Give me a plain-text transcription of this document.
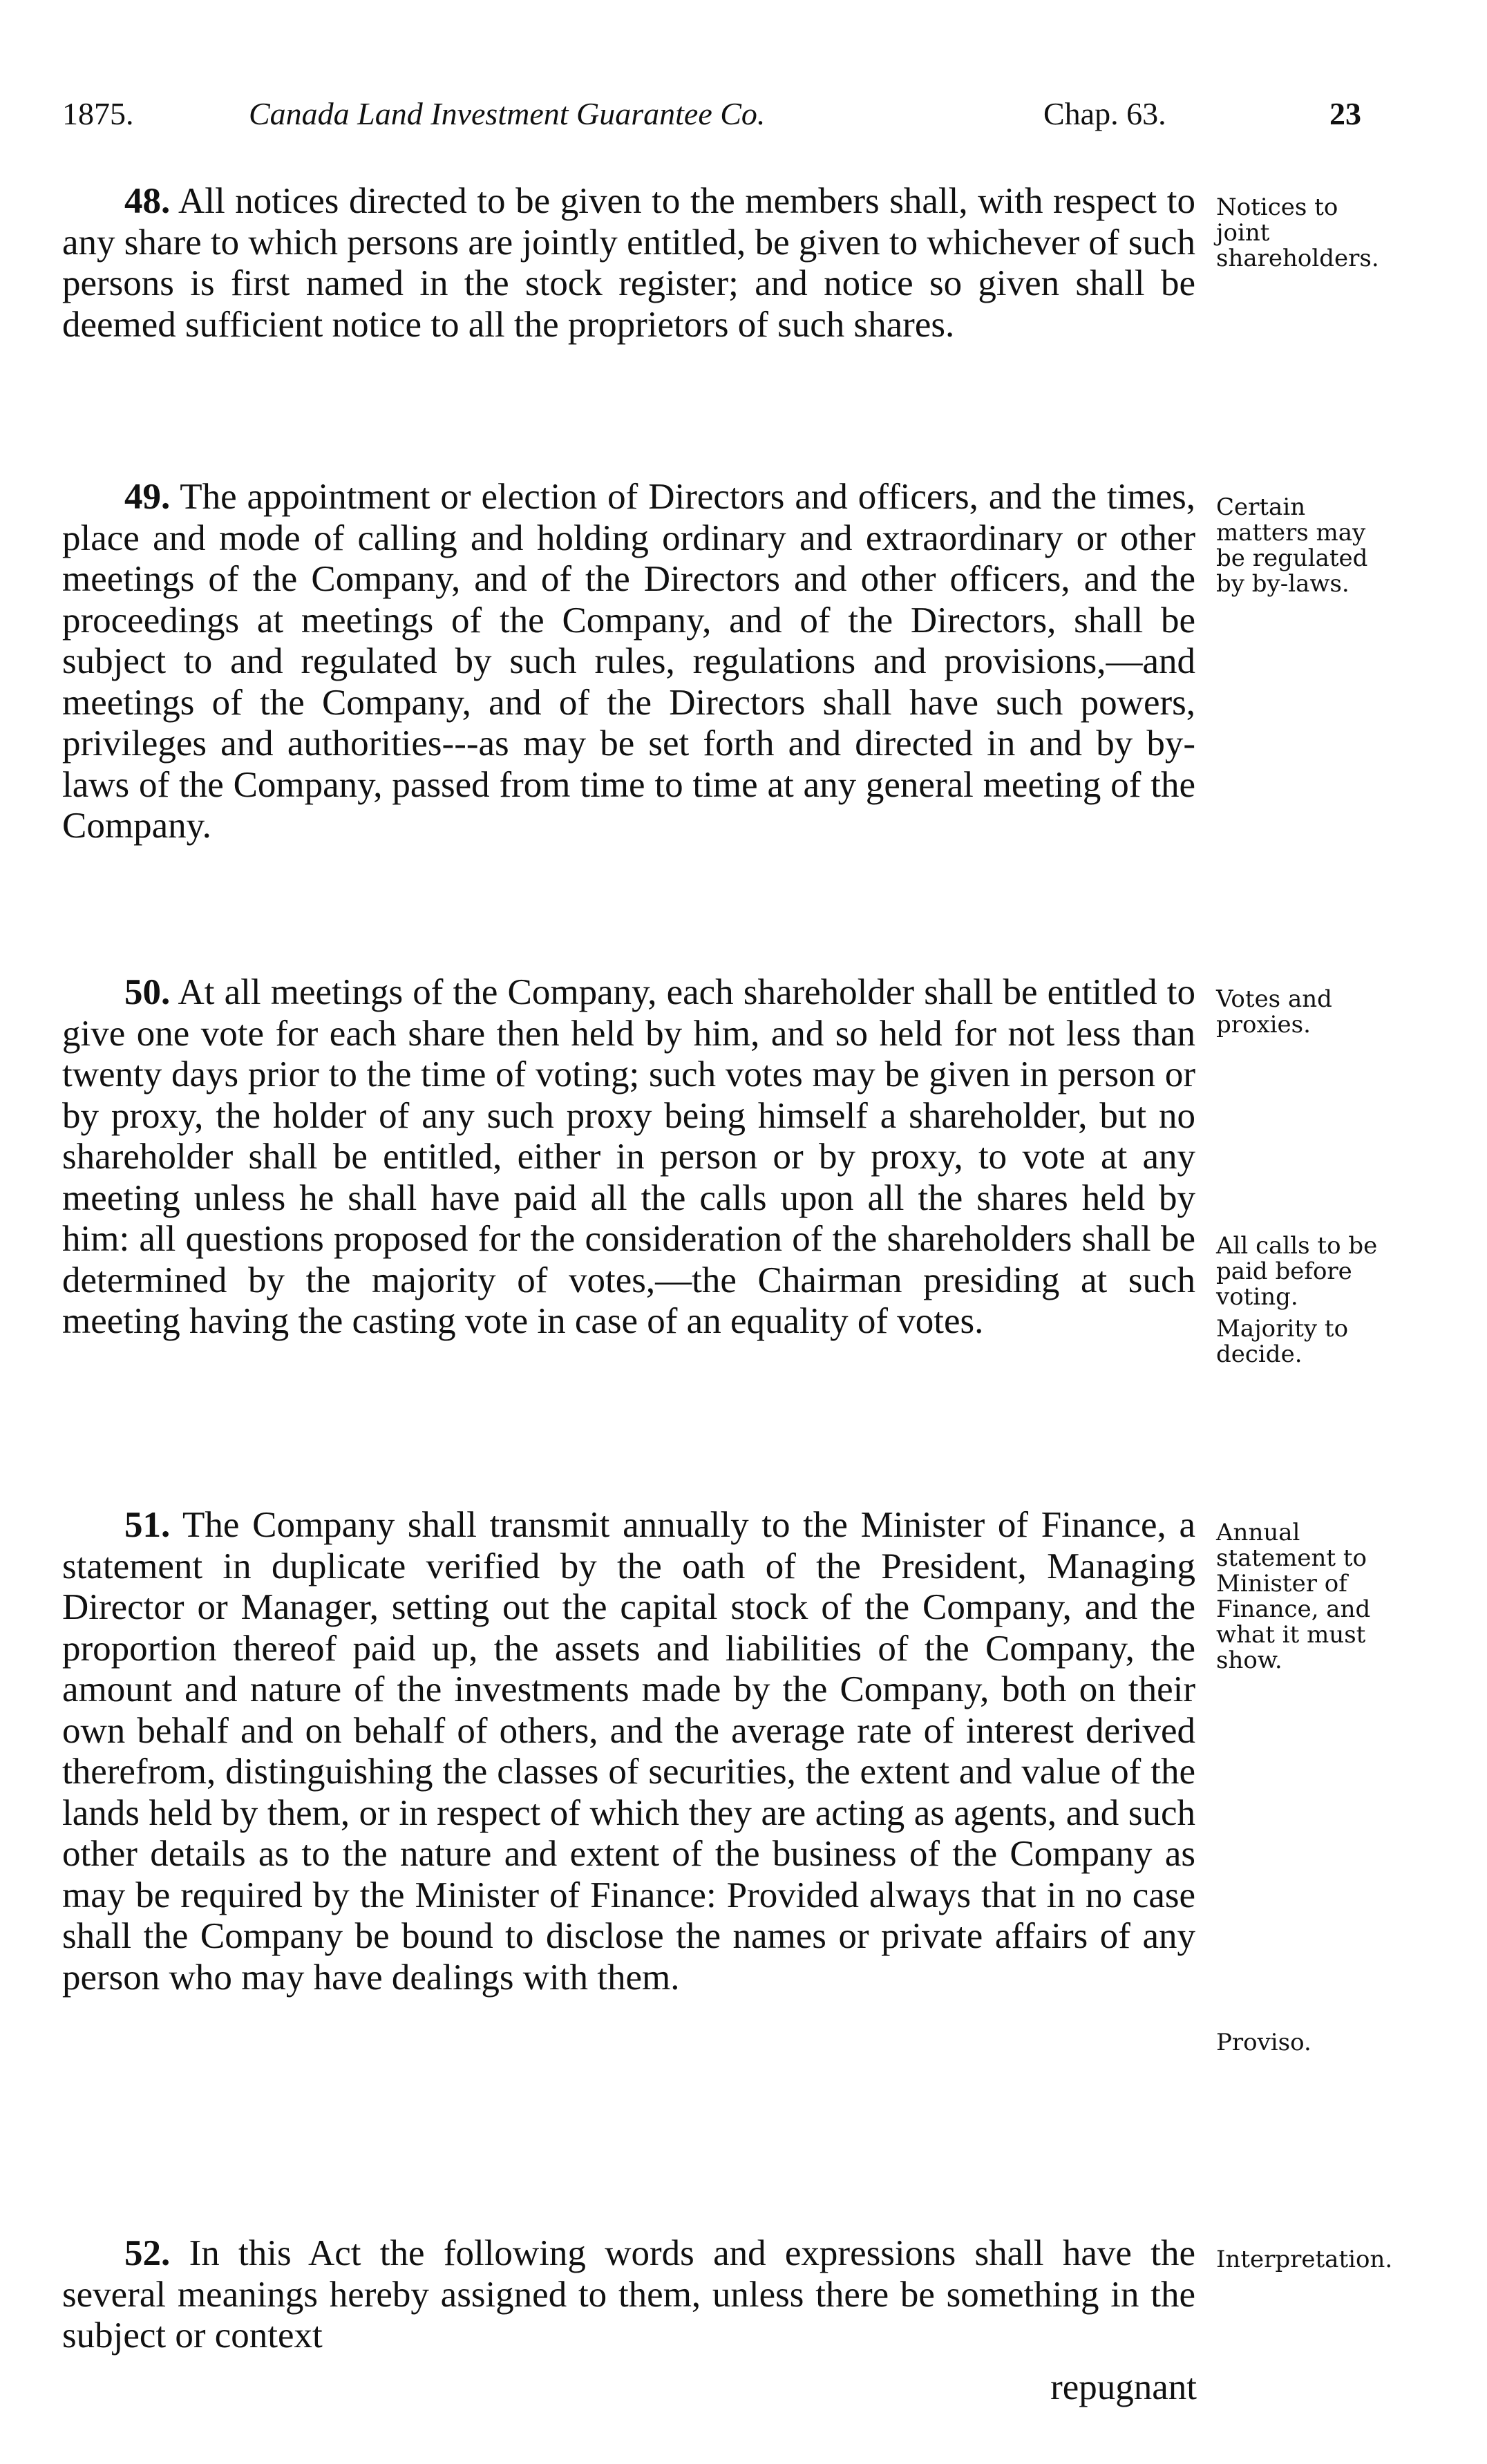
1875.	Canada Land Investment Guarantee Co.	Chap. 63.	23
48. All notices directed to be given to the members shall, with respect to any share to which persons are jointly entitled, be given to whichever of such persons is first named in the stock register; and notice so given shall be deemed sufficient notice to all the proprietors of such shares.
Notices to joint shareholders.
49. The appointment or election of Directors and officers, and the times, place and mode of calling and holding ordinary and extraordinary or other meetings of the Company, and of the Directors and other officers, and the proceedings at meetings of the Company, and of the Directors, shall be subject to and regulated by such rules, regulations and provisions,—and meetings of the Company, and of the Directors shall have such powers, privileges and authorities---as may be set forth and directed in and by by-laws of the Company, passed from time to time at any general meeting of the Company.
Certain matters may be regulated by by-laws.
50. At all meetings of the Company, each shareholder shall be entitled to give one vote for each share then held by him, and so held for not less than twenty days prior to the time of voting; such votes may be given in person or by proxy, the holder of any such proxy being himself a shareholder, but no shareholder shall be entitled, either in person or by proxy, to vote at any meeting unless he shall have paid all the calls upon all the shares held by him: all questions proposed for the consideration of the shareholders shall be determined by the majority of votes,—the Chairman presiding at such meeting having the casting vote in case of an equality of votes.
Votes and proxies.
All calls to be paid before voting.
Majority to decide.
51. The Company shall transmit annually to the Minister of Finance, a statement in duplicate verified by the oath of the President, Managing Director or Manager, setting out the capital stock of the Company, and the proportion thereof paid up, the assets and liabilities of the Company, the amount and nature of the investments made by the Company, both on their own behalf and on behalf of others, and the average rate of interest derived therefrom, distinguishing the classes of securities, the extent and value of the lands held by them, or in respect of which they are acting as agents, and such other details as to the nature and extent of the business of the Company as may be required by the Minister of Finance: Provided always that in no case shall the Company be bound to disclose the names or private affairs of any person who may have dealings with them.
Annual statement to Minister of Finance, and what it must show.
Proviso.
52. In this Act the following words and expressions shall have the several meanings hereby assigned to them, unless there be something in the subject or context
Interpretation.
repugnant
